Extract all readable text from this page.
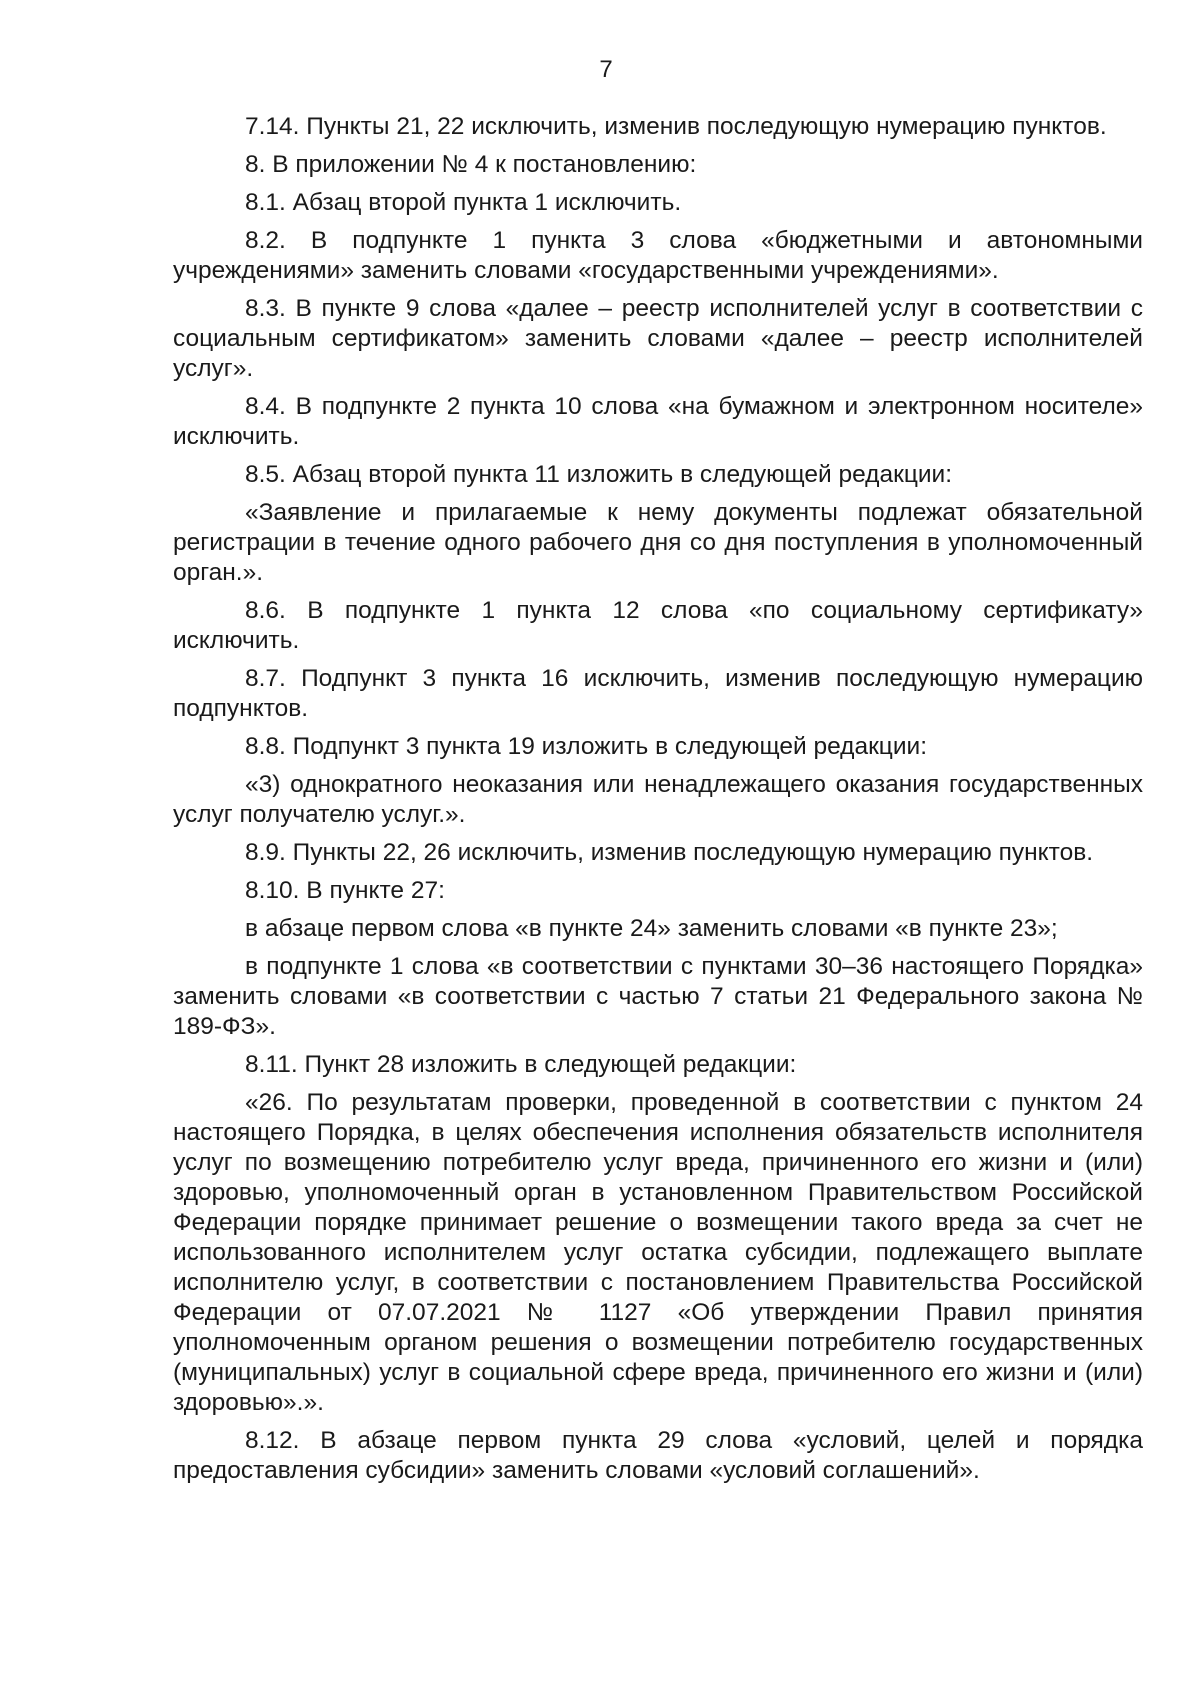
7

7.14. Пункты 21, 22 исключить, изменив последующую нумерацию пунктов.

8. В приложении № 4 к постановлению:

8.1. Абзац второй пункта 1 исключить.

8.2. В подпункте 1 пункта 3 слова «бюджетными и автономными учреждениями» заменить словами «государственными учреждениями».

8.3. В пункте 9 слова «далее – реестр исполнителей услуг в соответствии с социальным сертификатом» заменить словами «далее – реестр исполнителей услуг».

8.4. В подпункте 2 пункта 10 слова «на бумажном и электронном носителе» исключить.

8.5. Абзац второй пункта 11 изложить в следующей редакции:

«Заявление и прилагаемые к нему документы подлежат обязательной регистрации в течение одного рабочего дня со дня поступления в уполномоченный орган.».

8.6. В подпункте 1 пункта 12 слова «по социальному сертификату» исключить.

8.7. Подпункт 3 пункта 16 исключить, изменив последующую нумерацию подпунктов.

8.8. Подпункт 3 пункта 19 изложить в следующей редакции:

«3) однократного неоказания или ненадлежащего оказания государственных услуг получателю услуг.».

8.9. Пункты 22, 26 исключить, изменив последующую нумерацию пунктов.

8.10. В пункте 27:

в абзаце первом слова «в пункте 24» заменить словами «в пункте 23»;

в подпункте 1 слова «в соответствии с пунктами 30–36 настоящего Порядка» заменить словами «в соответствии с частью 7 статьи 21 Федерального закона № 189-ФЗ».

8.11. Пункт 28 изложить в следующей редакции:

«26. По результатам проверки, проведенной в соответствии с пунктом 24 настоящего Порядка, в целях обеспечения исполнения обязательств исполнителя услуг по возмещению потребителю услуг вреда, причиненного его жизни и (или) здоровью, уполномоченный орган в установленном Правительством Российской Федерации порядке принимает решение о возмещении такого вреда за счет не использованного исполнителем услуг остатка субсидии, подлежащего выплате исполнителю услуг, в соответствии с постановлением Правительства Российской Федерации от 07.07.2021 № 1127 «Об утверждении Правил принятия уполномоченным органом решения о возмещении потребителю государственных (муниципальных) услуг в социальной сфере вреда, причиненного его жизни и (или) здоровью».».

8.12. В абзаце первом пункта 29 слова «условий, целей и порядка предоставления субсидии» заменить словами «условий соглашений».
